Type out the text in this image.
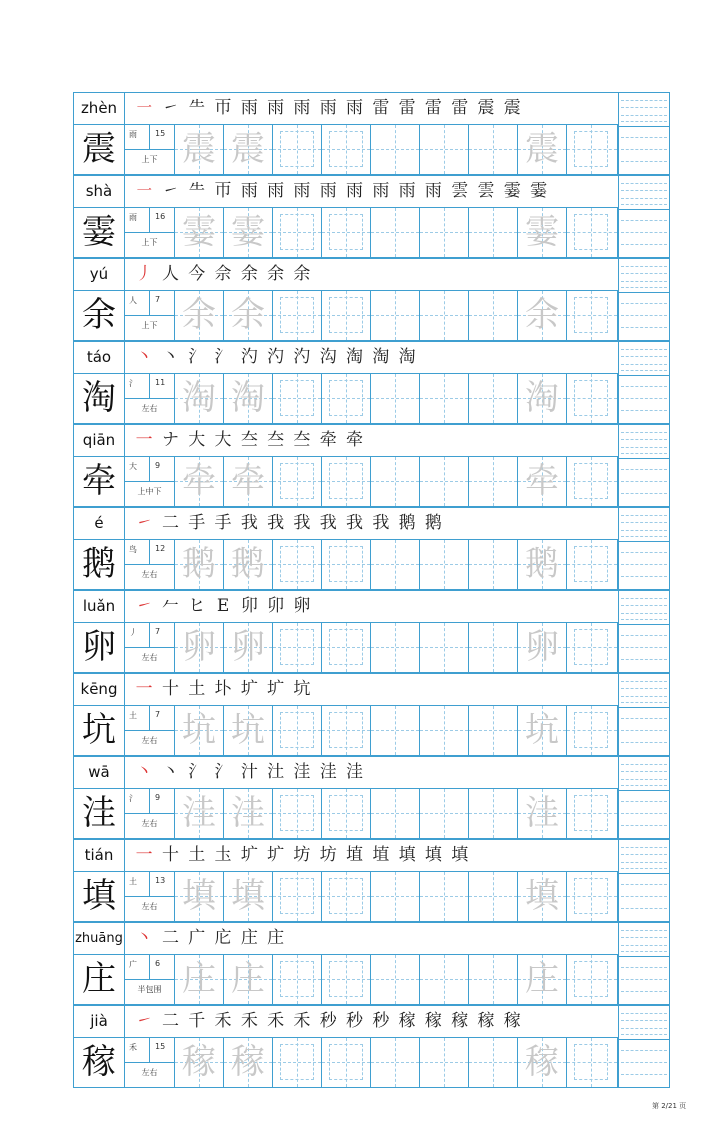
zhèn	㇐ ㇀ ⺧ 帀 雨 雨 雨 雨 雨 雷 雷 雷 雷 震 震
震	雨 15
上下 震 震	震
shà	㇐ ㇀ ⺧ 帀 雨 雨 雨 雨 雨 雨 雨 雨 雲 雲 霎 霎
霎	雨 16
上下 霎 霎	霎
yú	丿 人 今 佘 余 余 余
余	人 7
上下 余 余	余
táo	丶 丶 氵 氵 汋 汋 汋 沟 淘 淘 淘
淘	氵 11
左右 淘 淘	淘
qiān	一 ナ 大 大 夳 夳 夳 牵 牵
牵	大 9
上中下 牵 牵	牵
é	㇀ 二 手 手 我 我 我 我 我 我 鹅 鹅
鹅	鸟 12
左右 鹅 鹅	鹅
luǎn	㇀ 𠂉 ヒ E 卯 卯 卵
卵	丿 7
左右 卵 卵	卵
kēng	一 十 土 圤 圹 圹 坑
坑	土 7
左右 坑 坑	坑
wā	丶 丶 氵 氵 汁 汢 洼 洼 洼
洼	氵 9
左右 洼 洼	洼
tián	一 十 土 圡 圹 圹 坊 坊 埴 埴 填 填 填
填	土 13
左右 填 填	填
zhuāng 丶 二 广 庀 庄 庄
庄	广 6
半包围 庄 庄	庄
jià	㇀ 二 千 禾 禾 禾 禾 秒 秒 秒 稼 稼 稼 稼 稼
稼	禾 15
左右 稼 稼	稼
第 2/21 页
